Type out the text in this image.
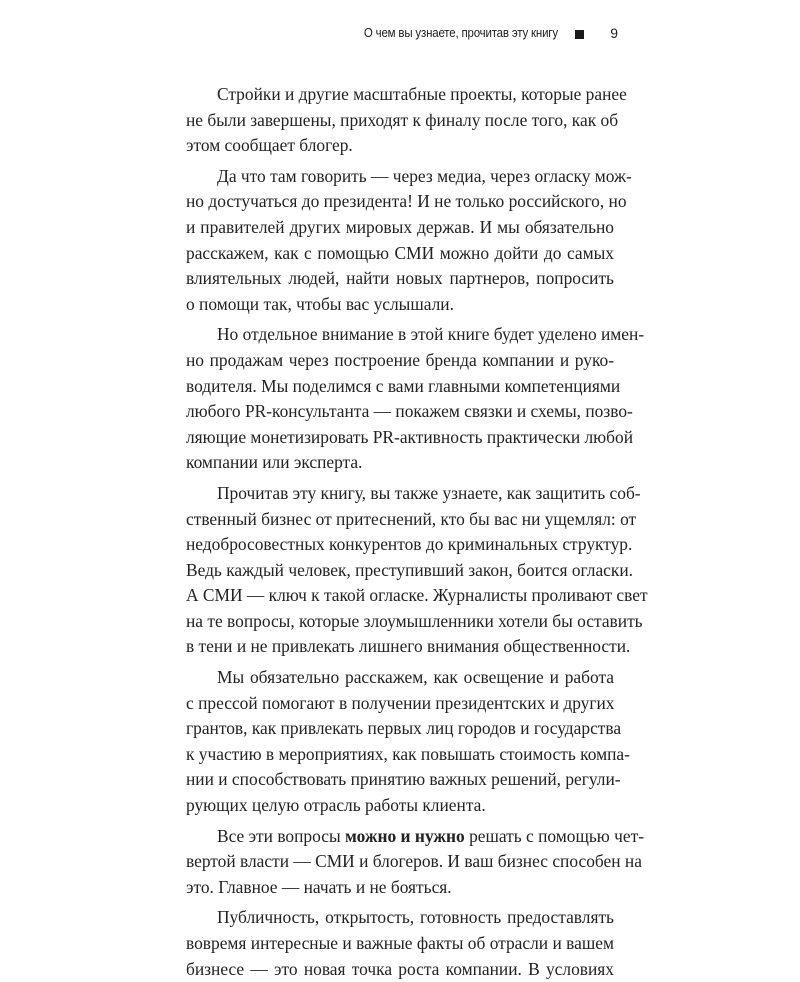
О чем вы узнаете, прочитав эту книгу	9

Стройки и другие масштабные проекты, которые ранее
не были завершены, приходят к финалу после того, как об
этом сообщает блогер.

Да что там говорить — через медиа, через огласку мож-
но достучаться до президента! И не только российского, но
и правителей других мировых держав. И мы обязательно
расскажем, как с помощью СМИ можно дойти до самых
влиятельных людей, найти новых партнеров, попросить
о помощи так, чтобы вас услышали.

Но отдельное внимание в этой книге будет уделено имен-
но продажам через построение бренда компании и руко-
водителя. Мы поделимся с вами главными компетенциями
любого PR-консультанта — покажем связки и схемы, позво-
ляющие монетизировать PR-активность практически любой
компании или эксперта.

Прочитав эту книгу, вы также узнаете, как защитить соб-
ственный бизнес от притеснений, кто бы вас ни ущемлял: от
недобросовестных конкурентов до криминальных структур.
Ведь каждый человек, преступивший закон, боится огласки.
А СМИ — ключ к такой огласке. Журналисты проливают свет
на те вопросы, которые злоумышленники хотели бы оставить
в тени и не привлекать лишнего внимания общественности.

Мы обязательно расскажем, как освещение и работа
с прессой помогают в получении президентских и других
грантов, как привлекать первых лиц городов и государства
к участию в мероприятиях, как повышать стоимость компа-
нии и способствовать принятию важных решений, регули-
рующих целую отрасль работы клиента.

Все эти вопросы можно и нужно решать с помощью чет-
вертой власти — СМИ и блогеров. И ваш бизнес способен на
это. Главное — начать и не бояться.

Публичность, открытость, готовность предоставлять
вовремя интересные и важные факты об отрасли и вашем
бизнесе — это новая точка роста компании. В условиях
